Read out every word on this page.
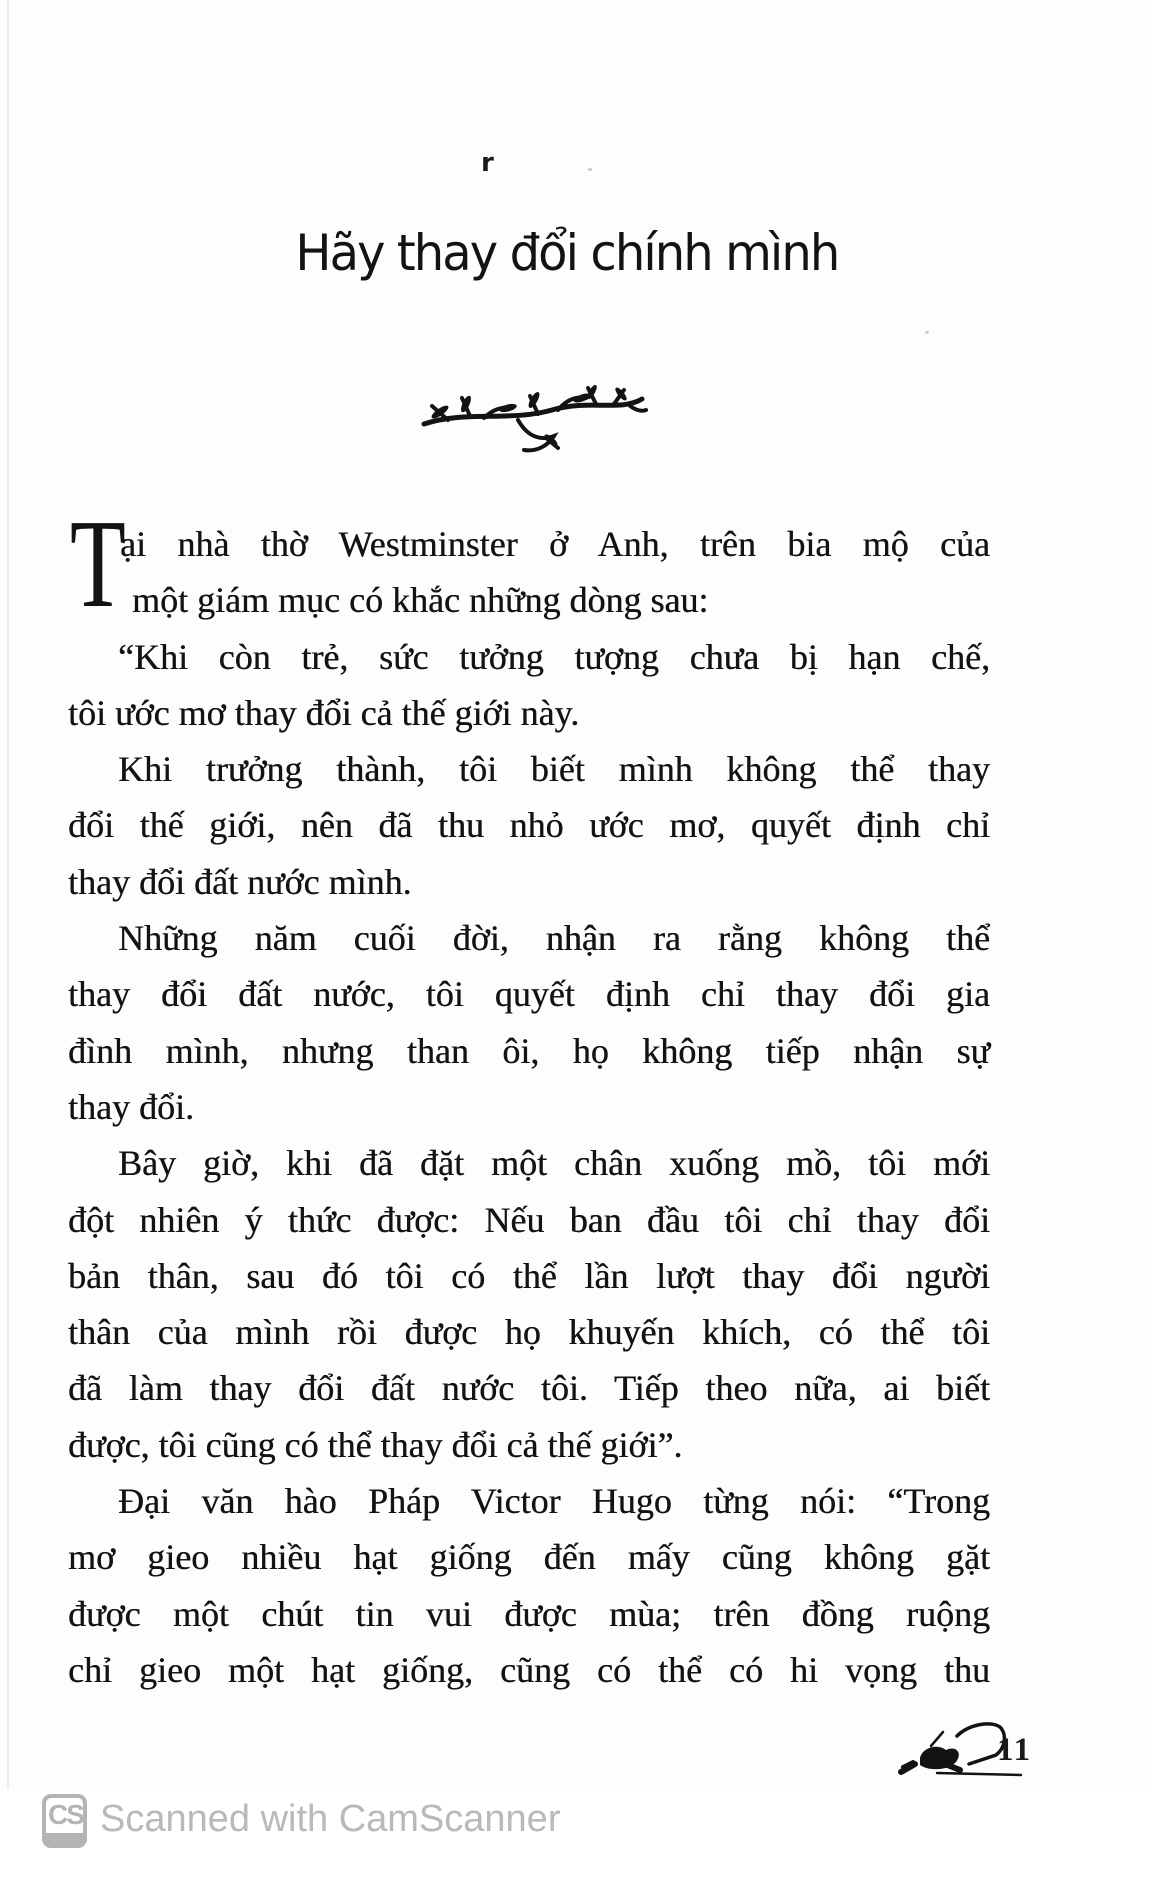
r
Hãy thay đổi chính mình
T
ại nhà thờ Westminster ở Anh, trên bia mộ của
một giám mục có khắc những dòng sau:
“Khi còn trẻ, sức tưởng tượng chưa bị hạn chế,
tôi ước mơ thay đổi cả thế giới này.
Khi trưởng thành, tôi biết mình không thể thay
đổi thế giới, nên đã thu nhỏ ước mơ, quyết định chỉ
thay đổi đất nước mình.
Những năm cuối đời, nhận ra rằng không thể
thay đổi đất nước, tôi quyết định chỉ thay đổi gia
đình mình, nhưng than ôi, họ không tiếp nhận sự
thay đổi.
Bây giờ, khi đã đặt một chân xuống mồ, tôi mới
đột nhiên ý thức được: Nếu ban đầu tôi chỉ thay đổi
bản thân, sau đó tôi có thể lần lượt thay đổi người
thân của mình rồi được họ khuyến khích, có thể tôi
đã làm thay đổi đất nước tôi. Tiếp theo nữa, ai biết
được, tôi cũng có thể thay đổi cả thế giới”.
Đại văn hào Pháp Victor Hugo từng nói: “Trong
mơ gieo nhiều hạt giống đến mấy cũng không gặt
được một chút tin vui được mùa; trên đồng ruộng
chỉ gieo một hạt giống, cũng có thể có hi vọng thu
11
CS Scanned with CamScanner
